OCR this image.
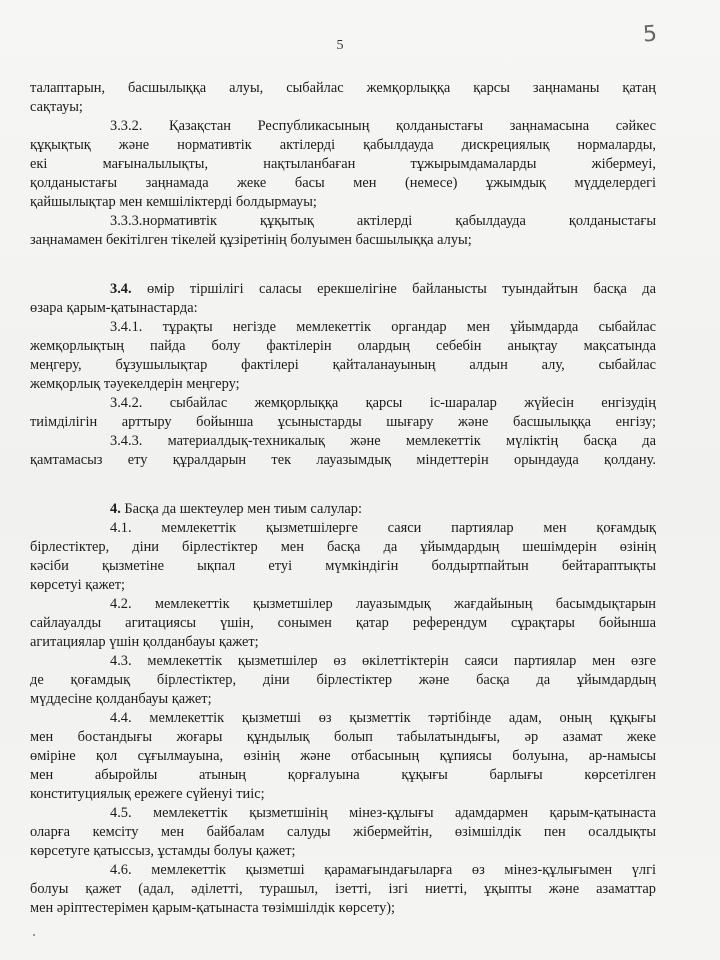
5	5
талаптарын, басшылыққа алуы, сыбайлас жемқорлыққа қарсы заңнаманы қатаң
сақтауы;
3.3.2. Қазақстан Республикасының қолданыстағы заңнамасына сәйкес
құқықтық және нормативтік актілерді қабылдауда дискрециялық нормаларды,
екі мағыналылықты, нақтыланбаған тұжырымдамаларды жібермеуі,
қолданыстағы заңнамада жеке басы мен (немесе) ұжымдық мүдделердегі
қайшылықтар мен кемшіліктерді болдырмауы;
3.3.3.нормативтік құқытық актілерді қабылдауда қолданыстағы
заңнамамен бекітілген тікелей құзіретінің болуымен басшылыққа алуы;
3.4. өмір тіршілігі саласы ерекшелігіне байланысты туындайтын басқа да
өзара қарым-қатынастарда:
3.4.1. тұрақты негізде мемлекеттік органдар мен ұйымдарда сыбайлас
жемқорлықтың пайда болу фактілерін олардың себебін анықтау мақсатында
меңгеру, бұзушылықтар фактілері қайталанауының алдын алу, сыбайлас
жемқорлық тәуекелдерін меңгеру;
3.4.2. сыбайлас жемқорлыққа қарсы іс-шаралар жүйесін енгізудің
тиімділігін арттыру бойынша ұсыныстарды шығару және басшылыққа енгізу;
3.4.3. материалдық-техникалық және мемлекеттік мүліктің басқа да
қамтамасыз ету құралдарын тек лауазымдық міндеттерін орындауда қолдану.
4. Басқа да шектеулер мен тиым салулар:
4.1. мемлекеттік қызметшілерге саяси партиялар мен қоғамдық
бірлестіктер, діни бірлестіктер мен басқа да ұйымдардың шешімдерін өзінің
кәсіби қызметіне ықпал етуі мүмкіндігін болдыртпайтын бейтараптықты
көрсетуі қажет;
4.2. мемлекеттік қызметшілер лауазымдық жағдайының басымдықтарын
сайлауалды агитациясы үшін, сонымен қатар референдум сұрақтары бойынша
агитациялар үшін қолданбауы қажет;
4.3. мемлекеттік қызметшілер өз өкілеттіктерін саяси партиялар мен өзге
де қоғамдық бірлестіктер, діни бірлестіктер және басқа да ұйымдардың
мүддесіне қолданбауы қажет;
4.4. мемлекеттік қызметші өз қызметтік тәртібінде адам, оның құқығы
мен бостандығы жоғары құндылық болып табылатындығы, әр азамат жеке
өміріне қол сұғылмауына, өзінің және отбасының құпиясы болуына, ар-намысы
мен абыройлы атының қорғалуына құқығы барлығы көрсетілген
конституциялық ережеге сүйенуі тиіс;
4.5. мемлекеттік қызметшінің мінез-құлығы адамдармен қарым-қатынаста
оларға кемсіту мен байбалам салуды жібермейтін, өзімшілдік пен осалдықты
көрсетуге қатыссыз, ұстамды болуы қажет;
4.6. мемлекеттік қызметші қарамағындағыларға өз мінез-құлығымен үлгі
болуы қажет (адал, әділетті, турашыл, ізетті, ізгі ниетті, ұқыпты және азаматтар
мен әріптестерімен қарым-қатынаста төзімшілдік көрсету);
